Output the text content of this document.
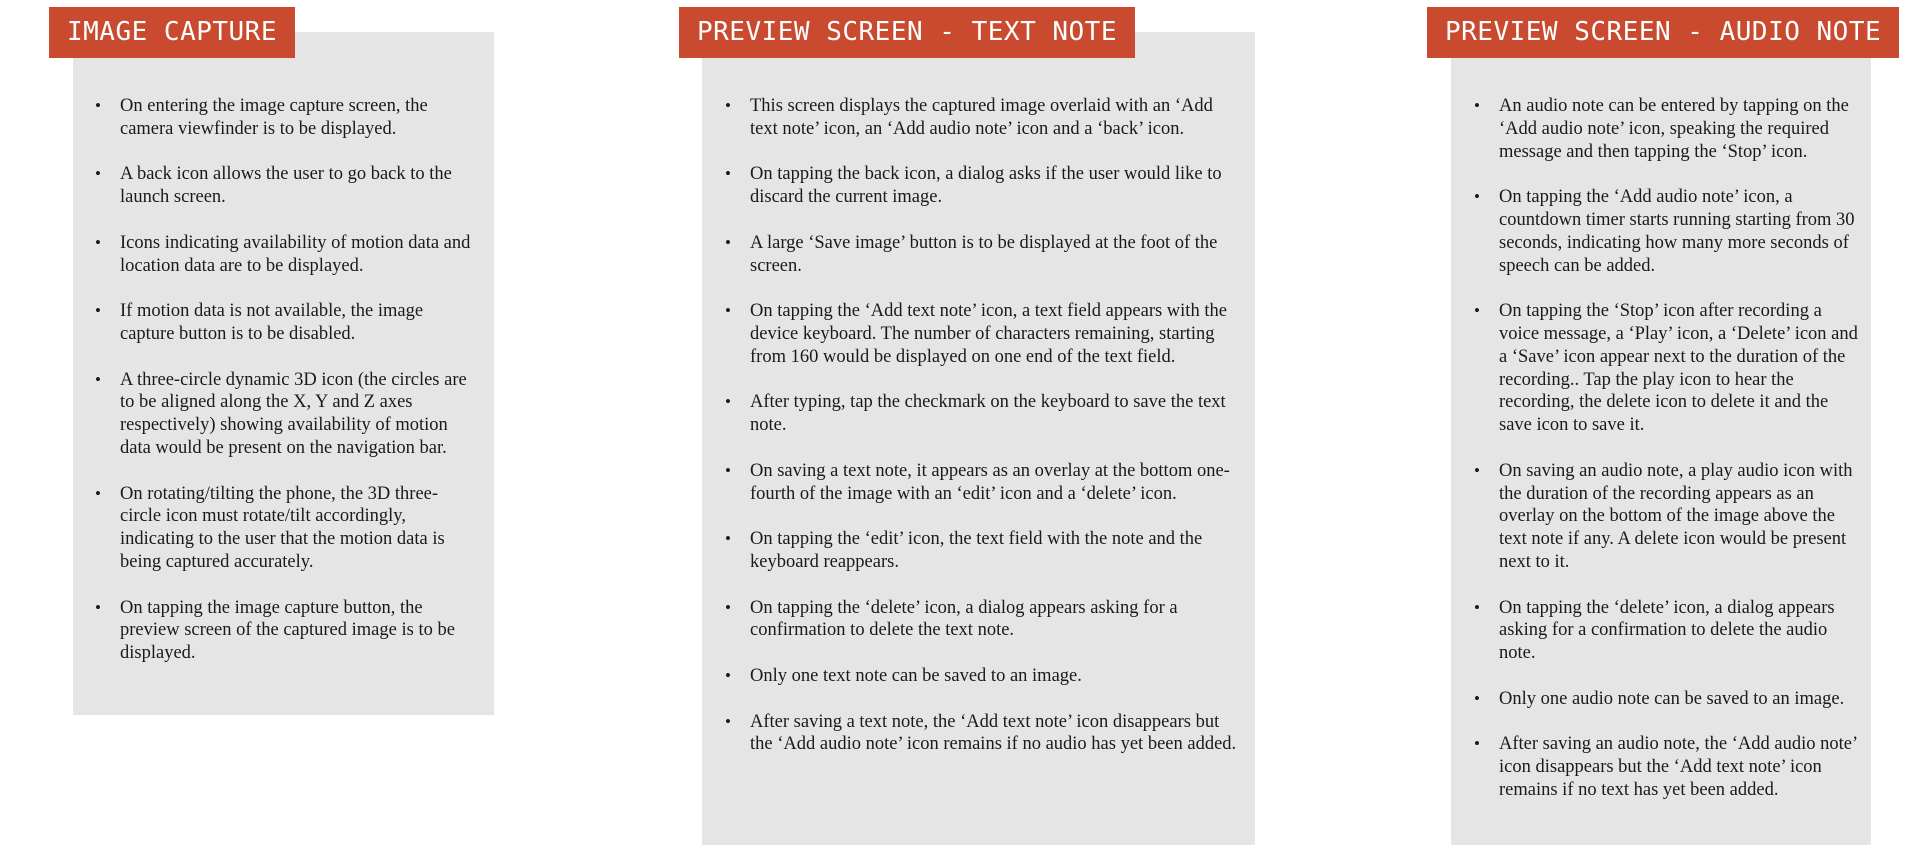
IMAGE CAPTURE
• On entering the image capture screen, the camera viewfinder is to be displayed.
• A back icon allows the user to go back to the launch screen.
• Icons indicating availability of motion data and location data are to be displayed.
• If motion data is not available, the image capture button is to be disabled.
• A three-circle dynamic 3D icon (the circles are to be aligned along the X, Y and Z axes respectively) showing availability of motion data would be present on the navigation bar.
• On rotating/tilting the phone, the 3D three-circle icon must rotate/tilt accordingly, indicating to the user that the motion data is being captured accurately.
• On tapping the image capture button, the preview screen of the captured image is to be displayed.
PREVIEW SCREEN - TEXT NOTE
• This screen displays the captured image overlaid with an ‘Add text note’ icon, an ‘Add audio note’ icon and a ‘back’ icon.
• On tapping the back icon, a dialog asks if the user would like to discard the current image.
• A large ‘Save image’ button is to be displayed at the foot of the screen.
• On tapping the ‘Add text note’ icon, a text field appears with the device keyboard. The number of characters remaining, starting from 160 would be displayed on one end of the text field.
• After typing, tap the checkmark on the keyboard to save the text note.
• On saving a text note, it appears as an overlay at the bottom one-fourth of the image with an ‘edit’ icon and a ‘delete’ icon.
• On tapping the ‘edit’ icon, the text field with the note and the keyboard reappears.
• On tapping the ‘delete’ icon, a dialog appears asking for a confirmation to delete the text note.
• Only one text note can be saved to an image.
• After saving a text note, the ‘Add text note’ icon disappears but the ‘Add audio note’ icon remains if no audio has yet been added.
PREVIEW SCREEN - AUDIO NOTE
• An audio note can be entered by tapping on the ‘Add audio note’ icon, speaking the required message and then tapping the ‘Stop’ icon.
• On tapping the ‘Add audio note’ icon, a countdown timer starts running starting from 30 seconds, indicating how many more seconds of speech can be added.
• On tapping the ‘Stop’ icon after recording a voice message, a ‘Play’ icon, a ‘Delete’ icon and a ‘Save’ icon appear next to the duration of the recording.. Tap the play icon to hear the recording, the delete icon to delete it and the save icon to save it.
• On saving an audio note, a play audio icon with the duration of the recording appears as an overlay on the bottom of the image above the text note if any. A delete icon would be present next to it.
• On tapping the ‘delete’ icon, a dialog appears asking for a confirmation to delete the audio note.
• Only one audio note can be saved to an image.
• After saving an audio note, the ‘Add audio note’ icon disappears but the ‘Add text note’ icon remains if no text has yet been added.
